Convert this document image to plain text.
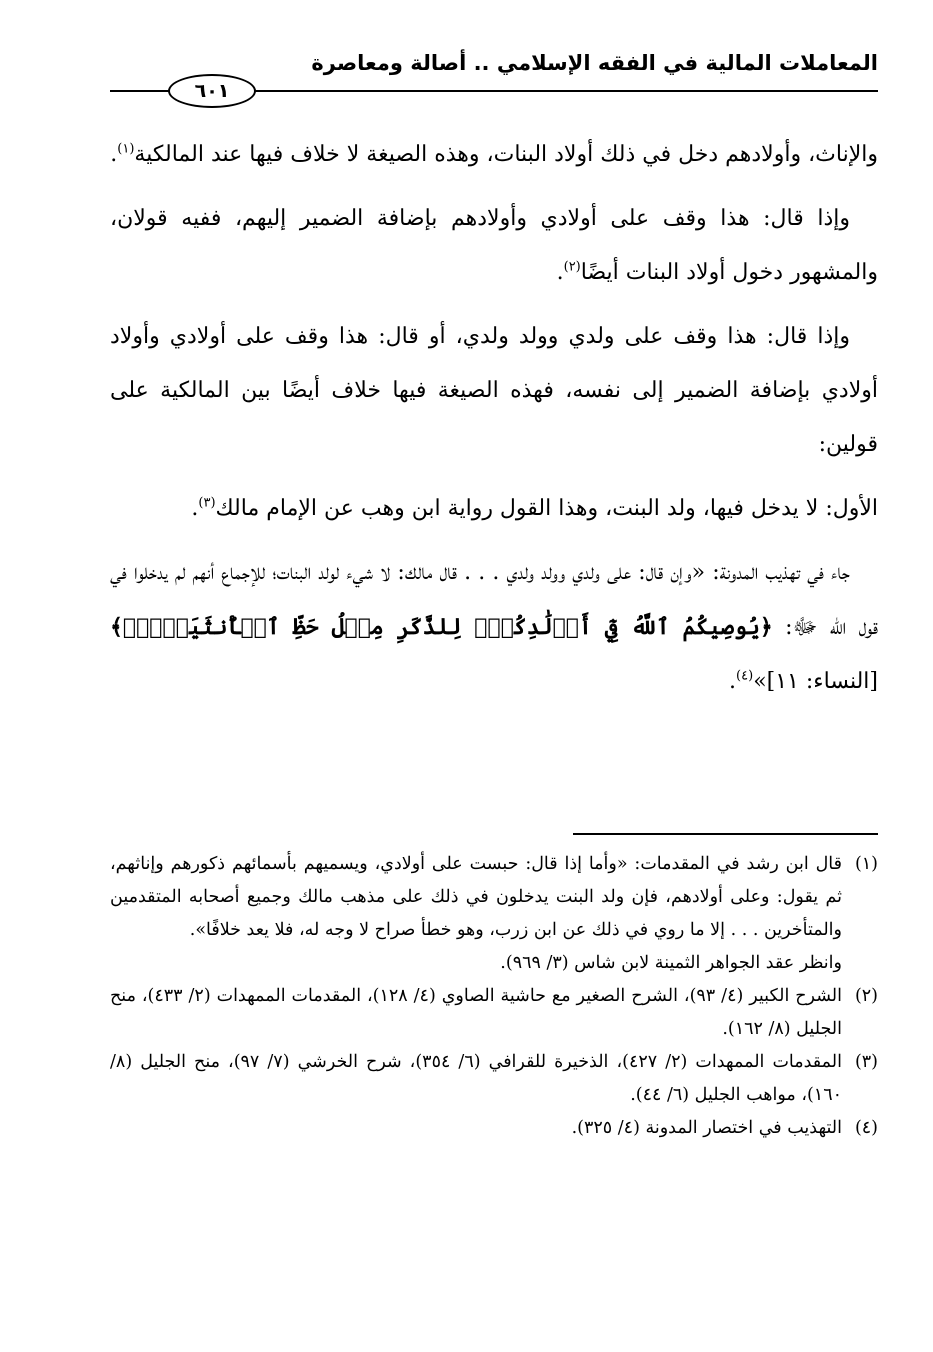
المعاملات المالية في الفقه الإسلامي .. أصالة ومعاصرة
٦٠١

والإناث، وأولادهم دخل في ذلك أولاد البنات، وهذه الصيغة لا خلاف فيها عند المالكية$^{(١)}$.

وإذا قال: هذا وقف على أولادي وأولادهم بإضافة الضمير إليهم، ففيه قولان، والمشهور دخول أولاد البنات أيضًا$^{(٢)}$.

وإذا قال: هذا وقف على ولدي وولد ولدي، أو قال: هذا وقف على أولادي وأولاد أولادي بإضافة الضمير إلى نفسه، فهذه الصيغة فيها خلاف أيضًا بين المالكية على قولين:

الأول: لا يدخل فيها، ولد البنت، وهذا القول رواية ابن وهب عن الإمام مالك$^{(٣)}$.

جاء في تهذيب المدونة: «وإن قال: على ولدي وولد ولدي . . . قال مالك: لا شيء لولد البنات؛ للإجماع أنهم لم يدخلوا في قول الله ﷻ: ﴿يُوصِيكُمُ ٱللَّهُ فِيٓ أَوۡلَٰدِكُمۡۖ لِلذَّكَرِ مِثۡلُ حَظِّ ٱلۡأُنثَيَيۡنِۚ﴾ [النساء: ١١]»$^{(٤)}$.

(١)

قال ابن رشد في المقدمات: «وأما إذا قال: حبست على أولادي، ويسميهم بأسمائهم ذكورهم وإناثهم، ثم يقول: وعلى أولادهم، فإن ولد البنت يدخلون في ذلك على مذهب مالك وجميع أصحابه المتقدمين والمتأخرين . . . إلا ما روي في ذلك عن ابن زرب، وهو خطأ صراح لا وجه له، فلا يعد خلافًا».

وانظر عقد الجواهر الثمينة لابن شاس (٣/ ٩٦٩).

(٢)

الشرح الكبير (٤/ ٩٣)، الشرح الصغير مع حاشية الصاوي (٤/ ١٢٨)، المقدمات الممهدات (٢/ ٤٣٣)، منح الجليل (٨/ ١٦٢).

(٣)

المقدمات الممهدات (٢/ ٤٢٧)، الذخيرة للقرافي (٦/ ٣٥٤)، شرح الخرشي (٧/ ٩٧)، منح الجليل (٨/ ١٦٠)، مواهب الجليل (٦/ ٤٤).

(٤)

التهذيب في اختصار المدونة (٤/ ٣٢٥).
